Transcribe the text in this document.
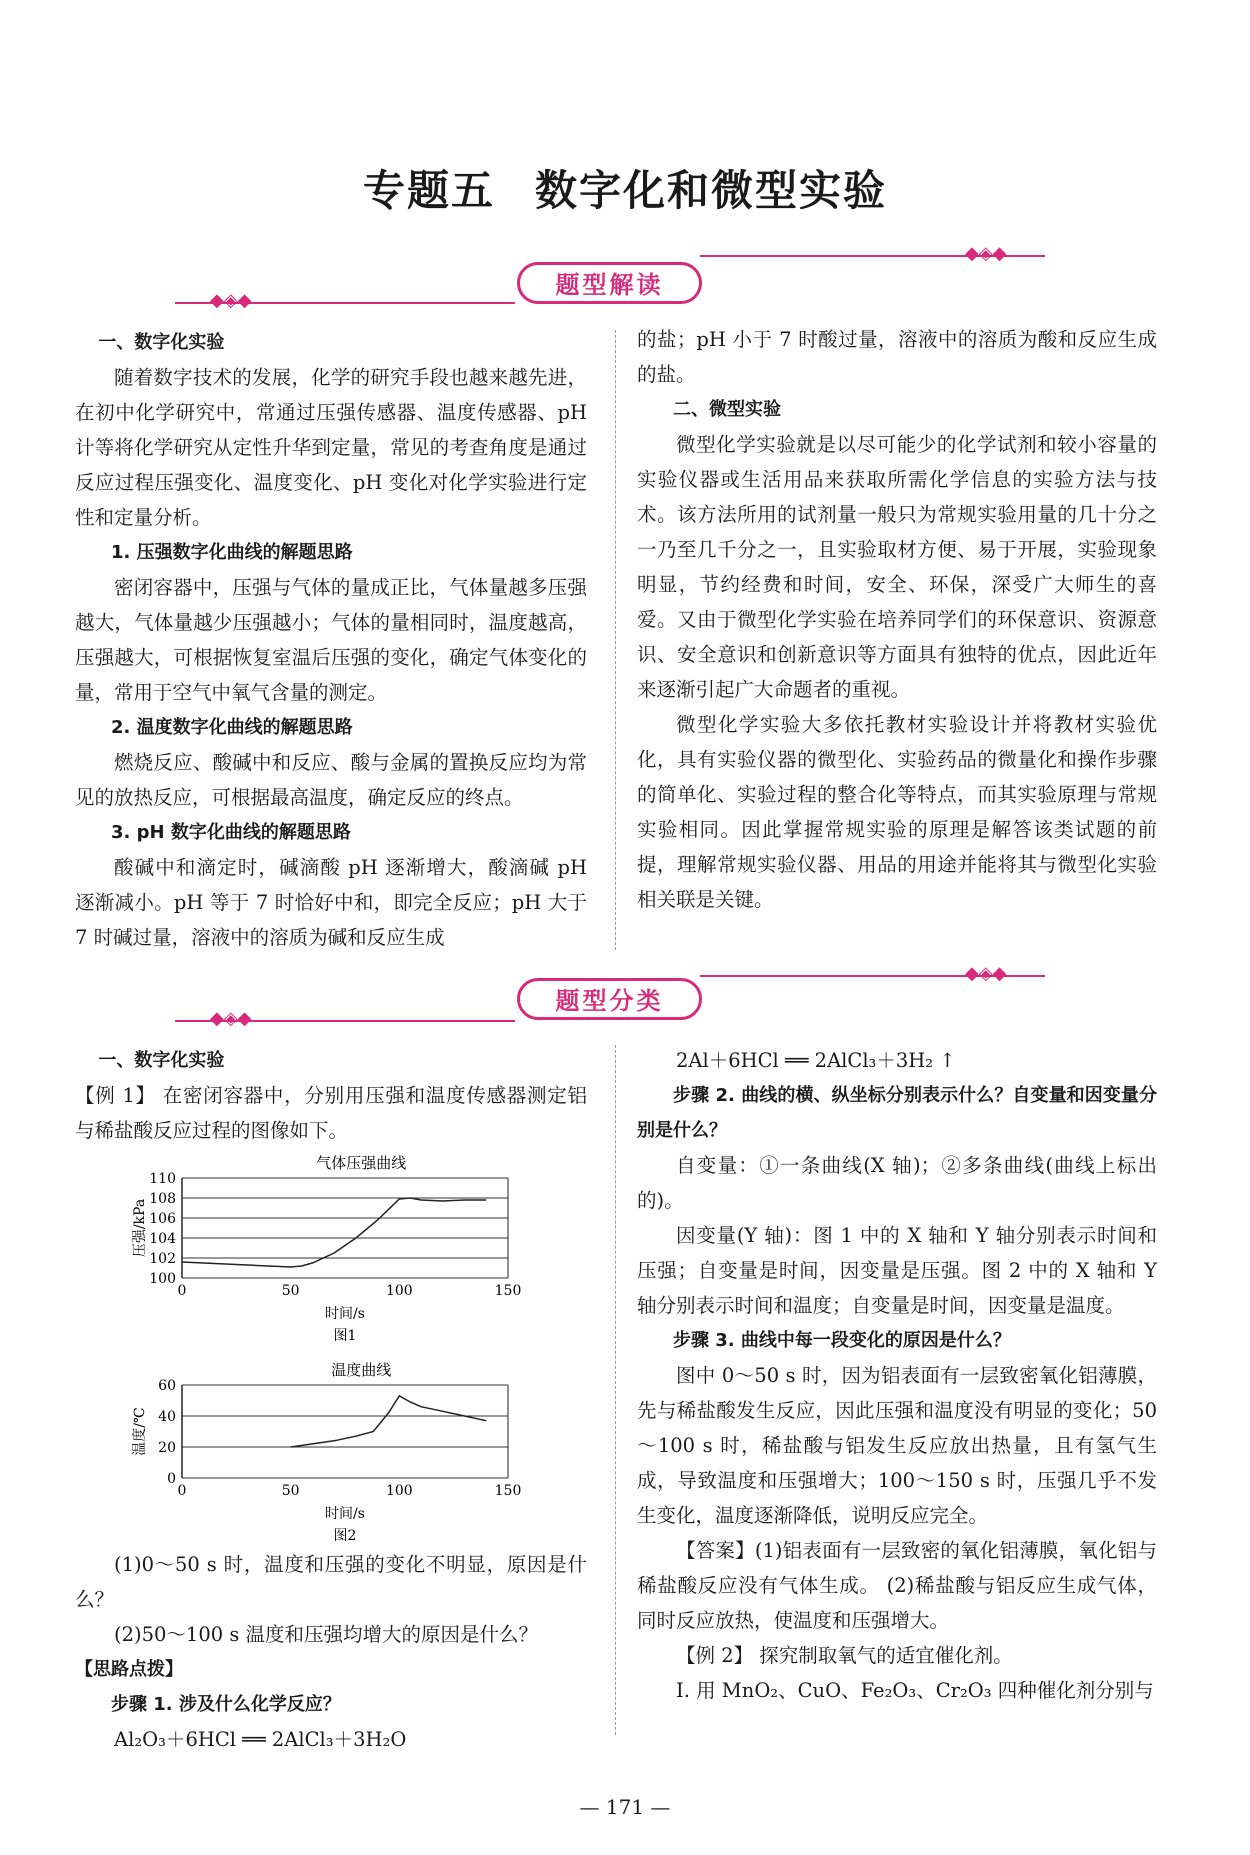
专题五 数字化和微型实验
◆◈◆
◆◈◆
题型解读

一、数字化实验

随着数字技术的发展，化学的研究手段也越来越先进，在初中化学研究中，常通过压强传感器、温度传感器、pH 计等将化学研究从定性升华到定量，常见的考查角度是通过反应过程压强变化、温度变化、pH 变化对化学实验进行定性和定量分析。

1. 压强数字化曲线的解题思路

密闭容器中，压强与气体的量成正比，气体量越多压强越大，气体量越少压强越小；气体的量相同时，温度越高，压强越大，可根据恢复室温后压强的变化，确定气体变化的量，常用于空气中氧气含量的测定。

2. 温度数字化曲线的解题思路

燃烧反应、酸碱中和反应、酸与金属的置换反应均为常见的放热反应，可根据最高温度，确定反应的终点。

3. pH 数字化曲线的解题思路

酸碱中和滴定时，碱滴酸 pH 逐渐增大，酸滴碱 pH 逐渐减小。pH 等于 7 时恰好中和，即完全反应；pH 大于 7 时碱过量，溶液中的溶质为碱和反应生成

的盐；pH 小于 7 时酸过量，溶液中的溶质为酸和反应生成的盐。

二、微型实验

微型化学实验就是以尽可能少的化学试剂和较小容量的实验仪器或生活用品来获取所需化学信息的实验方法与技术。该方法所用的试剂量一般只为常规实验用量的几十分之一乃至几千分之一，且实验取材方便、易于开展，实验现象明显，节约经费和时间，安全、环保，深受广大师生的喜爱。又由于微型化学实验在培养同学们的环保意识、资源意识、安全意识和创新意识等方面具有独特的优点，因此近年来逐渐引起广大命题者的重视。

微型化学实验大多依托教材实验设计并将教材实验优化，具有实验仪器的微型化、实验药品的微量化和操作步骤的简单化、实验过程的整合化等特点，而其实验原理与常规实验相同。因此掌握常规实验的原理是解答该类试题的前提，理解常规实验仪器、用品的用途并能将其与微型化实验相关联是关键。

◆◈◆
◆◈◆
题型分类

一、数字化实验

【例 1】 在密闭容器中，分别用压强和温度传感器测定铝与稀盐酸反应过程的图像如下。

气体压强曲线
100
102
104
106
108
110
0	50	100	150
时间/s
压强/kPa
图1
温度曲线
0
20
40
60
0	50	100	150
时间/s
温度/℃
图2

(1)0～50 s 时，温度和压强的变化不明显，原因是什么？

(2)50～100 s 温度和压强均增大的原因是什么？

【思路点拨】

步骤 1. 涉及什么化学反应？

Al₂O₃＋6HCl ══ 2AlCl₃＋3H₂O

2Al＋6HCl ══ 2AlCl₃＋3H₂ ↑

步骤 2. 曲线的横、纵坐标分别表示什么？自变量和因变量分别是什么？

自变量：①一条曲线(X 轴)；②多条曲线(曲线上标出的)。

因变量(Y 轴)：图 1 中的 X 轴和 Y 轴分别表示时间和压强；自变量是时间，因变量是压强。图 2 中的 X 轴和 Y 轴分别表示时间和温度；自变量是时间，因变量是温度。

步骤 3. 曲线中每一段变化的原因是什么？

图中 0～50 s 时，因为铝表面有一层致密氧化铝薄膜，先与稀盐酸发生反应，因此压强和温度没有明显的变化；50～100 s 时，稀盐酸与铝发生反应放出热量，且有氢气生成，导致温度和压强增大；100～150 s 时，压强几乎不发生变化，温度逐渐降低，说明反应完全。

【答案】(1)铝表面有一层致密的氧化铝薄膜，氧化铝与稀盐酸反应没有气体生成。 (2)稀盐酸与铝反应生成气体，同时反应放热，使温度和压强增大。

【例 2】 探究制取氧气的适宜催化剂。

Ⅰ. 用 MnO₂、CuO、Fe₂O₃、Cr₂O₃ 四种催化剂分别与

— 171 —
